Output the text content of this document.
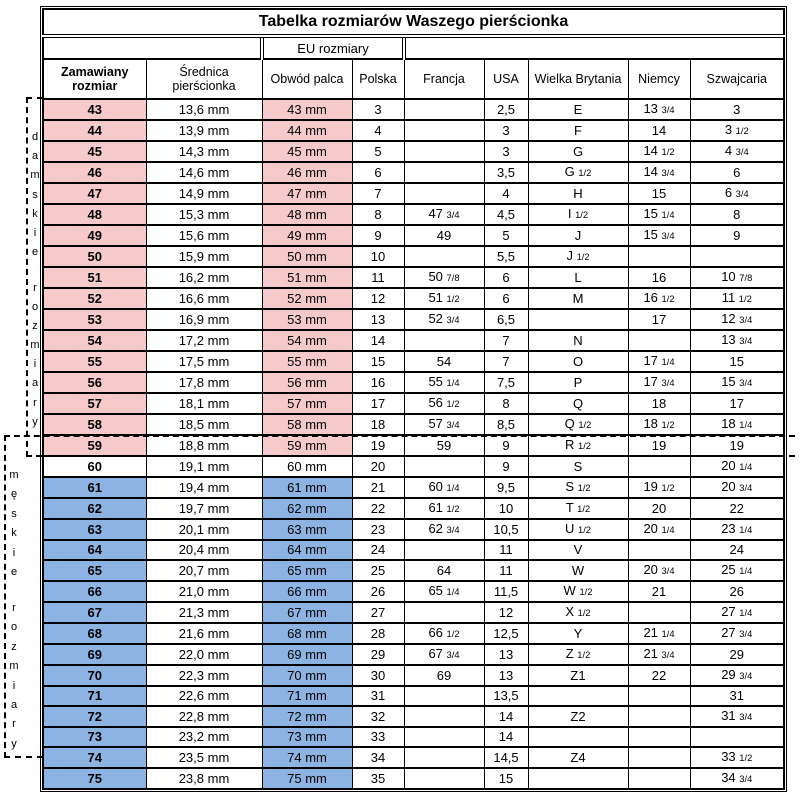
d
a
m
s
k
i
e
r
o
z
m
i
a
r
y
m
ę
s
k
i
e
r
o
z
m
i
a
r
y
Tabelka rozmiarów Waszego pierścionka								
		EU rozmiary						
Zamawiany rozmiar	Średnica pierścionka	Obwód palca	Polska	Francja	USA	Wielka Brytania	Niemcy	Szwajcaria
43	13,6 mm	43 mm	3		2,5	E	13 3/4	3
44	13,9 mm	44 mm	4		3	F	14	3 1/2
45	14,3 mm	45 mm	5		3	G	14 1/2	4 3/4
46	14,6 mm	46 mm	6		3,5	G 1/2	14 3/4	6
47	14,9 mm	47 mm	7		4	H	15	6 3/4
48	15,3 mm	48 mm	8	47 3/4	4,5	I 1/2	15 1/4	8
49	15,6 mm	49 mm	9	49	5	J	15 3/4	9
50	15,9 mm	50 mm	10		5,5	J 1/2		
51	16,2 mm	51 mm	11	50 7/8	6	L	16	10 7/8
52	16,6 mm	52 mm	12	51 1/2	6	M	16 1/2	11 1/2
53	16,9 mm	53 mm	13	52 3/4	6,5		17	12 3/4
54	17,2 mm	54 mm	14		7	N		13 3/4
55	17,5 mm	55 mm	15	54	7	O	17 1/4	15
56	17,8 mm	56 mm	16	55 1/4	7,5	P	17 3/4	15 3/4
57	18,1 mm	57 mm	17	56 1/2	8	Q	18	17
58	18,5 mm	58 mm	18	57 3/4	8,5	Q 1/2	18 1/2	18 1/4
59	18,8 mm	59 mm	19	59	9	R 1/2	19	19
60	19,1 mm	60 mm	20		9	S		20 1/4
61	19,4 mm	61 mm	21	60 1/4	9,5	S 1/2	19 1/2	20 3/4
62	19,7 mm	62 mm	22	61 1/2	10	T 1/2	20	22
63	20,1 mm	63 mm	23	62 3/4	10,5	U 1/2	20 1/4	23 1/4
64	20,4 mm	64 mm	24		11	V		24
65	20,7 mm	65 mm	25	64	11	W	20 3/4	25 1/4
66	21,0 mm	66 mm	26	65 1/4	11,5	W 1/2	21	26
67	21,3 mm	67 mm	27		12	X 1/2		27 1/4
68	21,6 mm	68 mm	28	66 1/2	12,5	Y	21 1/4	27 3/4
69	22,0 mm	69 mm	29	67 3/4	13	Z 1/2	21 3/4	29
70	22,3 mm	70 mm	30	69	13	Z1	22	29 3/4
71	22,6 mm	71 mm	31		13,5			31
72	22,8 mm	72 mm	32		14	Z2		31 3/4
73	23,2 mm	73 mm	33		14			
74	23,5 mm	74 mm	34		14,5	Z4		33 1/2
75	23,8 mm	75 mm	35		15			34 3/4
